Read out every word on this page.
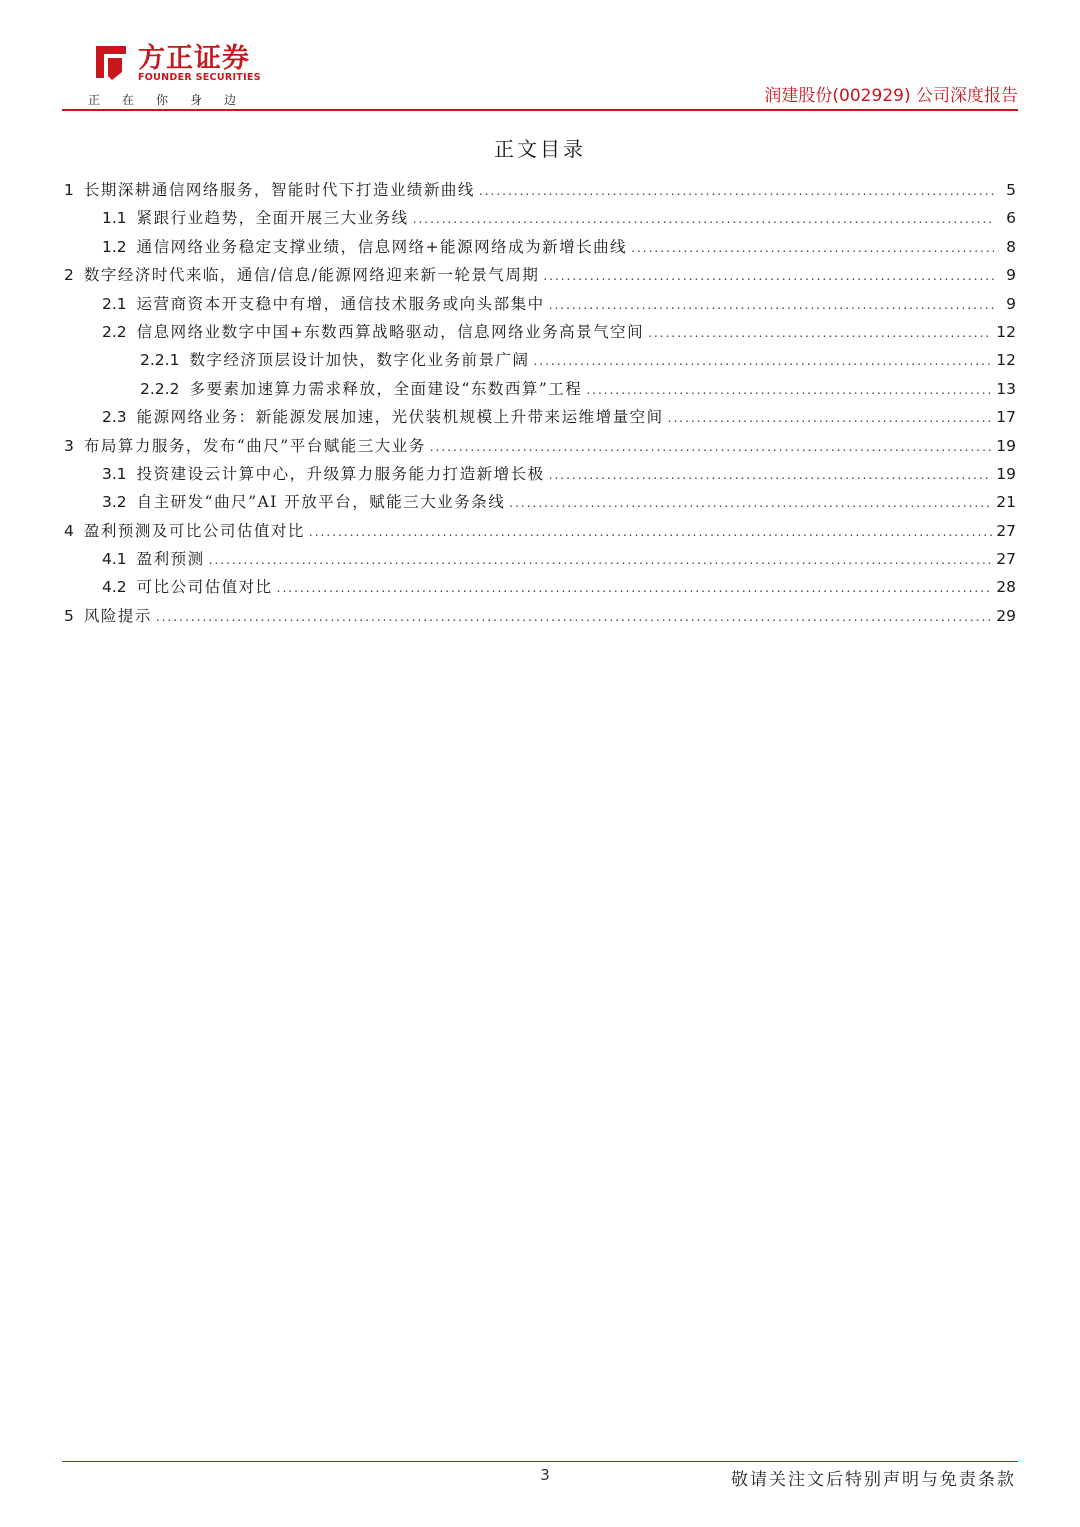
方正证券
FOUNDER SECURITIES
正在你身边	润建股份(002929) 公司深度报告
正文目录
1 长期深耕通信网络服务，智能时代下打造业绩新曲线 .....	5
1.1 紧跟行业趋势，全面开展三大业务线 .....	6
1.2 通信网络业务稳定支撑业绩，信息网络+能源网络成为新增长曲线 .....	8
2 数字经济时代来临，通信/信息/能源网络迎来新一轮景气周期 .....	9
2.1 运营商资本开支稳中有增，通信技术服务或向头部集中 .....	9
2.2 信息网络业数字中国+东数西算战略驱动，信息网络业务高景气空间 .....	12
2.2.1 数字经济顶层设计加快，数字化业务前景广阔 .....	12
2.2.2 多要素加速算力需求释放，全面建设“东数西算”工程 .....	13
2.3 能源网络业务：新能源发展加速，光伏装机规模上升带来运维增量空间 .....	17
3 布局算力服务，发布“曲尺”平台赋能三大业务 .....	19
3.1 投资建设云计算中心，升级算力服务能力打造新增长极 .....	19
3.2 自主研发“曲尺”AI 开放平台，赋能三大业务条线 .....	21
4 盈利预测及可比公司估值对比 .....	27
4.1 盈利预测 .....	27
4.2 可比公司估值对比 .....	28
5 风险提示 .....	29
3	敬请关注文后特别声明与免责条款
